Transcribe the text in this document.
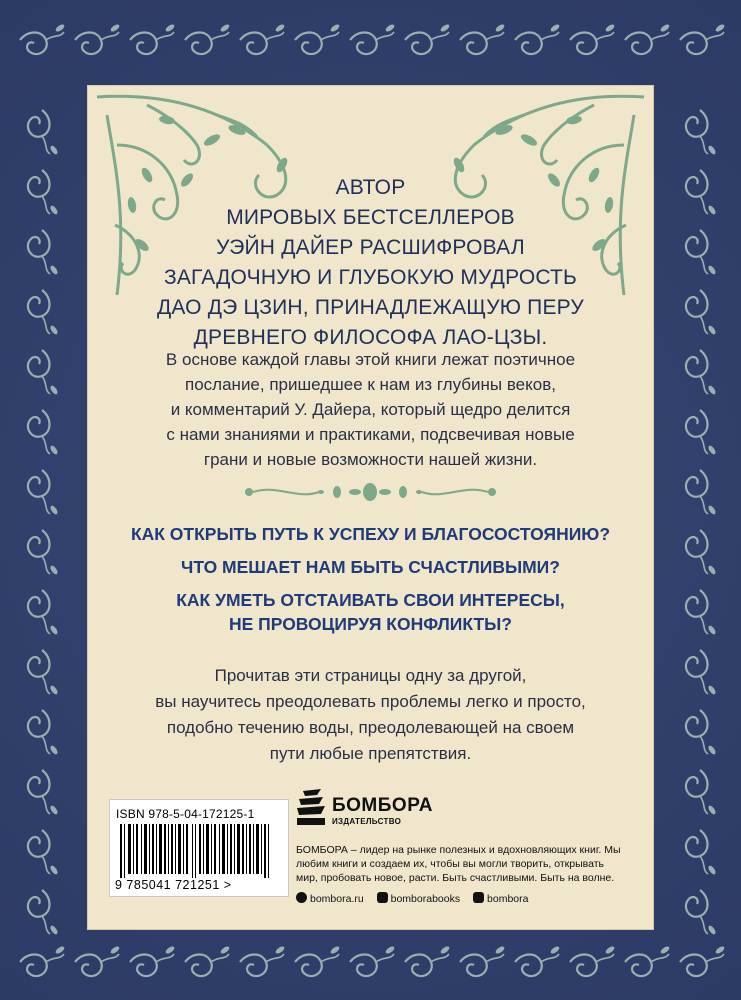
АВТОР
МИРОВЫХ БЕСТСЕЛЛЕРОВ
УЭЙН ДАЙЕР РАСШИФРОВАЛ
ЗАГАДОЧНУЮ И ГЛУБОКУЮ МУДРОСТЬ
ДАО ДЭ ЦЗИН, ПРИНАДЛЕЖАЩУЮ ПЕРУ
ДРЕВНЕГО ФИЛОСОФА ЛАО-ЦЗЫ.
В основе каждой главы этой книги лежат поэтичное
послание, пришедшее к нам из глубины веков,
и комментарий У. Дайера, который щедро делится
с нами знаниями и практиками, подсвечивая новые
грани и новые возможности нашей жизни.
КАК ОТКРЫТЬ ПУТЬ К УСПЕХУ И БЛАГОСОСТОЯНИЮ?
ЧТО МЕШАЕТ НАМ БЫТЬ СЧАСТЛИВЫМИ?
КАК УМЕТЬ ОТСТАИВАТЬ СВОИ ИНТЕРЕСЫ,
НЕ ПРОВОЦИРУЯ КОНФЛИКТЫ?
Прочитав эти страницы одну за другой,
вы научитесь преодолевать проблемы легко и просто,
подобно течению воды, преодолевающей на своем
пути любые препятствия.
ISBN 978-5-04-172125-1
9 785041 721251 >
БОМБОРА
ИЗДАТЕЛЬСТВО
БОМБОРА – лидер на рынке полезных и вдохновляющих книг. Мы любим книги и создаем их, чтобы вы могли творить, открывать мир, пробовать новое, расти. Быть счастливыми. Быть на волне.
bombora.ru	bomborabooks	bombora
